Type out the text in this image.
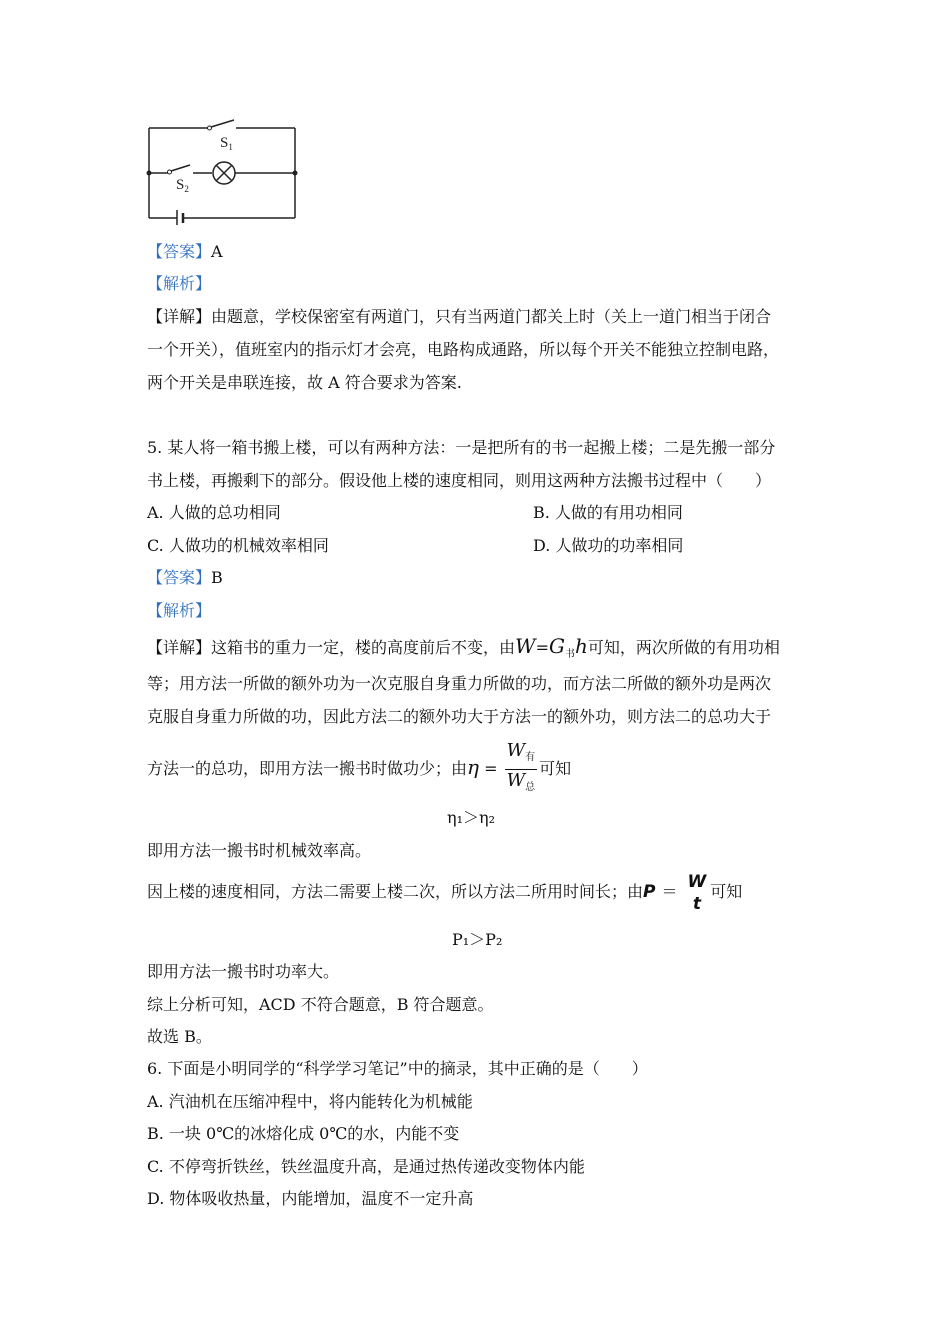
$S_1$
$S_2$
【答案】A
【解析】
【详解】由题意，学校保密室有两道门，只有当两道门都关上时（关上一道门相当于闭合
一个开关），值班室内的指示灯才会亮，电路构成通路，所以每个开关不能独立控制电路，
两个开关是串联连接，故 A 符合要求为答案.
5. 某人将一箱书搬上楼，可以有两种方法：一是把所有的书一起搬上楼；二是先搬一部分
书上楼，再搬剩下的部分。假设他上楼的速度相同，则用这两种方法搬书过程中（　　）
A. 人做的总功相同	B. 人做的有用功相同
C. 人做功的机械效率相同	D. 人做功的功率相同
【答案】B
【解析】
【详解】这箱书的重力一定，楼的高度前后不变，由$W=G_书h$可知，两次所做的有用功相
等；用方法一所做的额外功为一次克服自身重力所做的功，而方法二所做的额外功是两次
克服自身重力所做的功，因此方法二的额外功大于方法一的额外功，则方法二的总功大于
方法一的总功，即用方法一搬书时做功少；由$\eta = \frac{W_有}{W_总}$ 可知
η₁＞η₂
即用方法一搬书时机械效率高。
因上楼的速度相同，方法二需要上楼二次，所以方法二所用时间长；由P ＝ W
t
可知
P₁＞P₂
即用方法一搬书时功率大。
综上分析可知，ACD 不符合题意，B 符合题意。
故选 B。
6. 下面是小明同学的“科学学习笔记”中的摘录，其中正确的是（　　）
A. 汽油机在压缩冲程中，将内能转化为机械能
B. 一块 0℃的冰熔化成 0℃的水，内能不变
C. 不停弯折铁丝，铁丝温度升高，是通过热传递改变物体内能
D. 物体吸收热量，内能增加，温度不一定升高
